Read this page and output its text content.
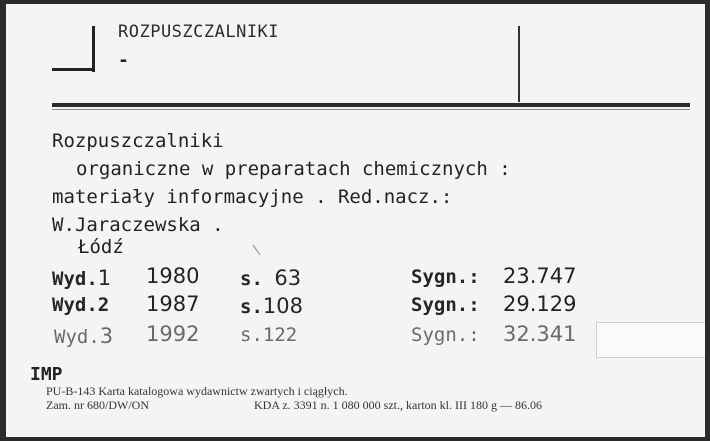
ROZPUSZCZALNIKI
-
Rozpuszczalniki
organiczne w preparatach chemicznych :
materiały informacyjne . Red.nacz.:
W.Jaraczewska .
Łódź
Wyd.1 1980 s. 63	Sygn.: 23.747
Wyd.2 1987 s.108	Sygn.: 29.129
Wyd.3 1992 s.122	Sygn.: 32.341
IMP
PU-B-143 Karta katalogowa wydawnictw zwartych i ciągłych.
Zam. nr 680/DW/ON	KDA z. 3391 n. 1 080 000 szt., karton kl. III 180 g — 86.06
